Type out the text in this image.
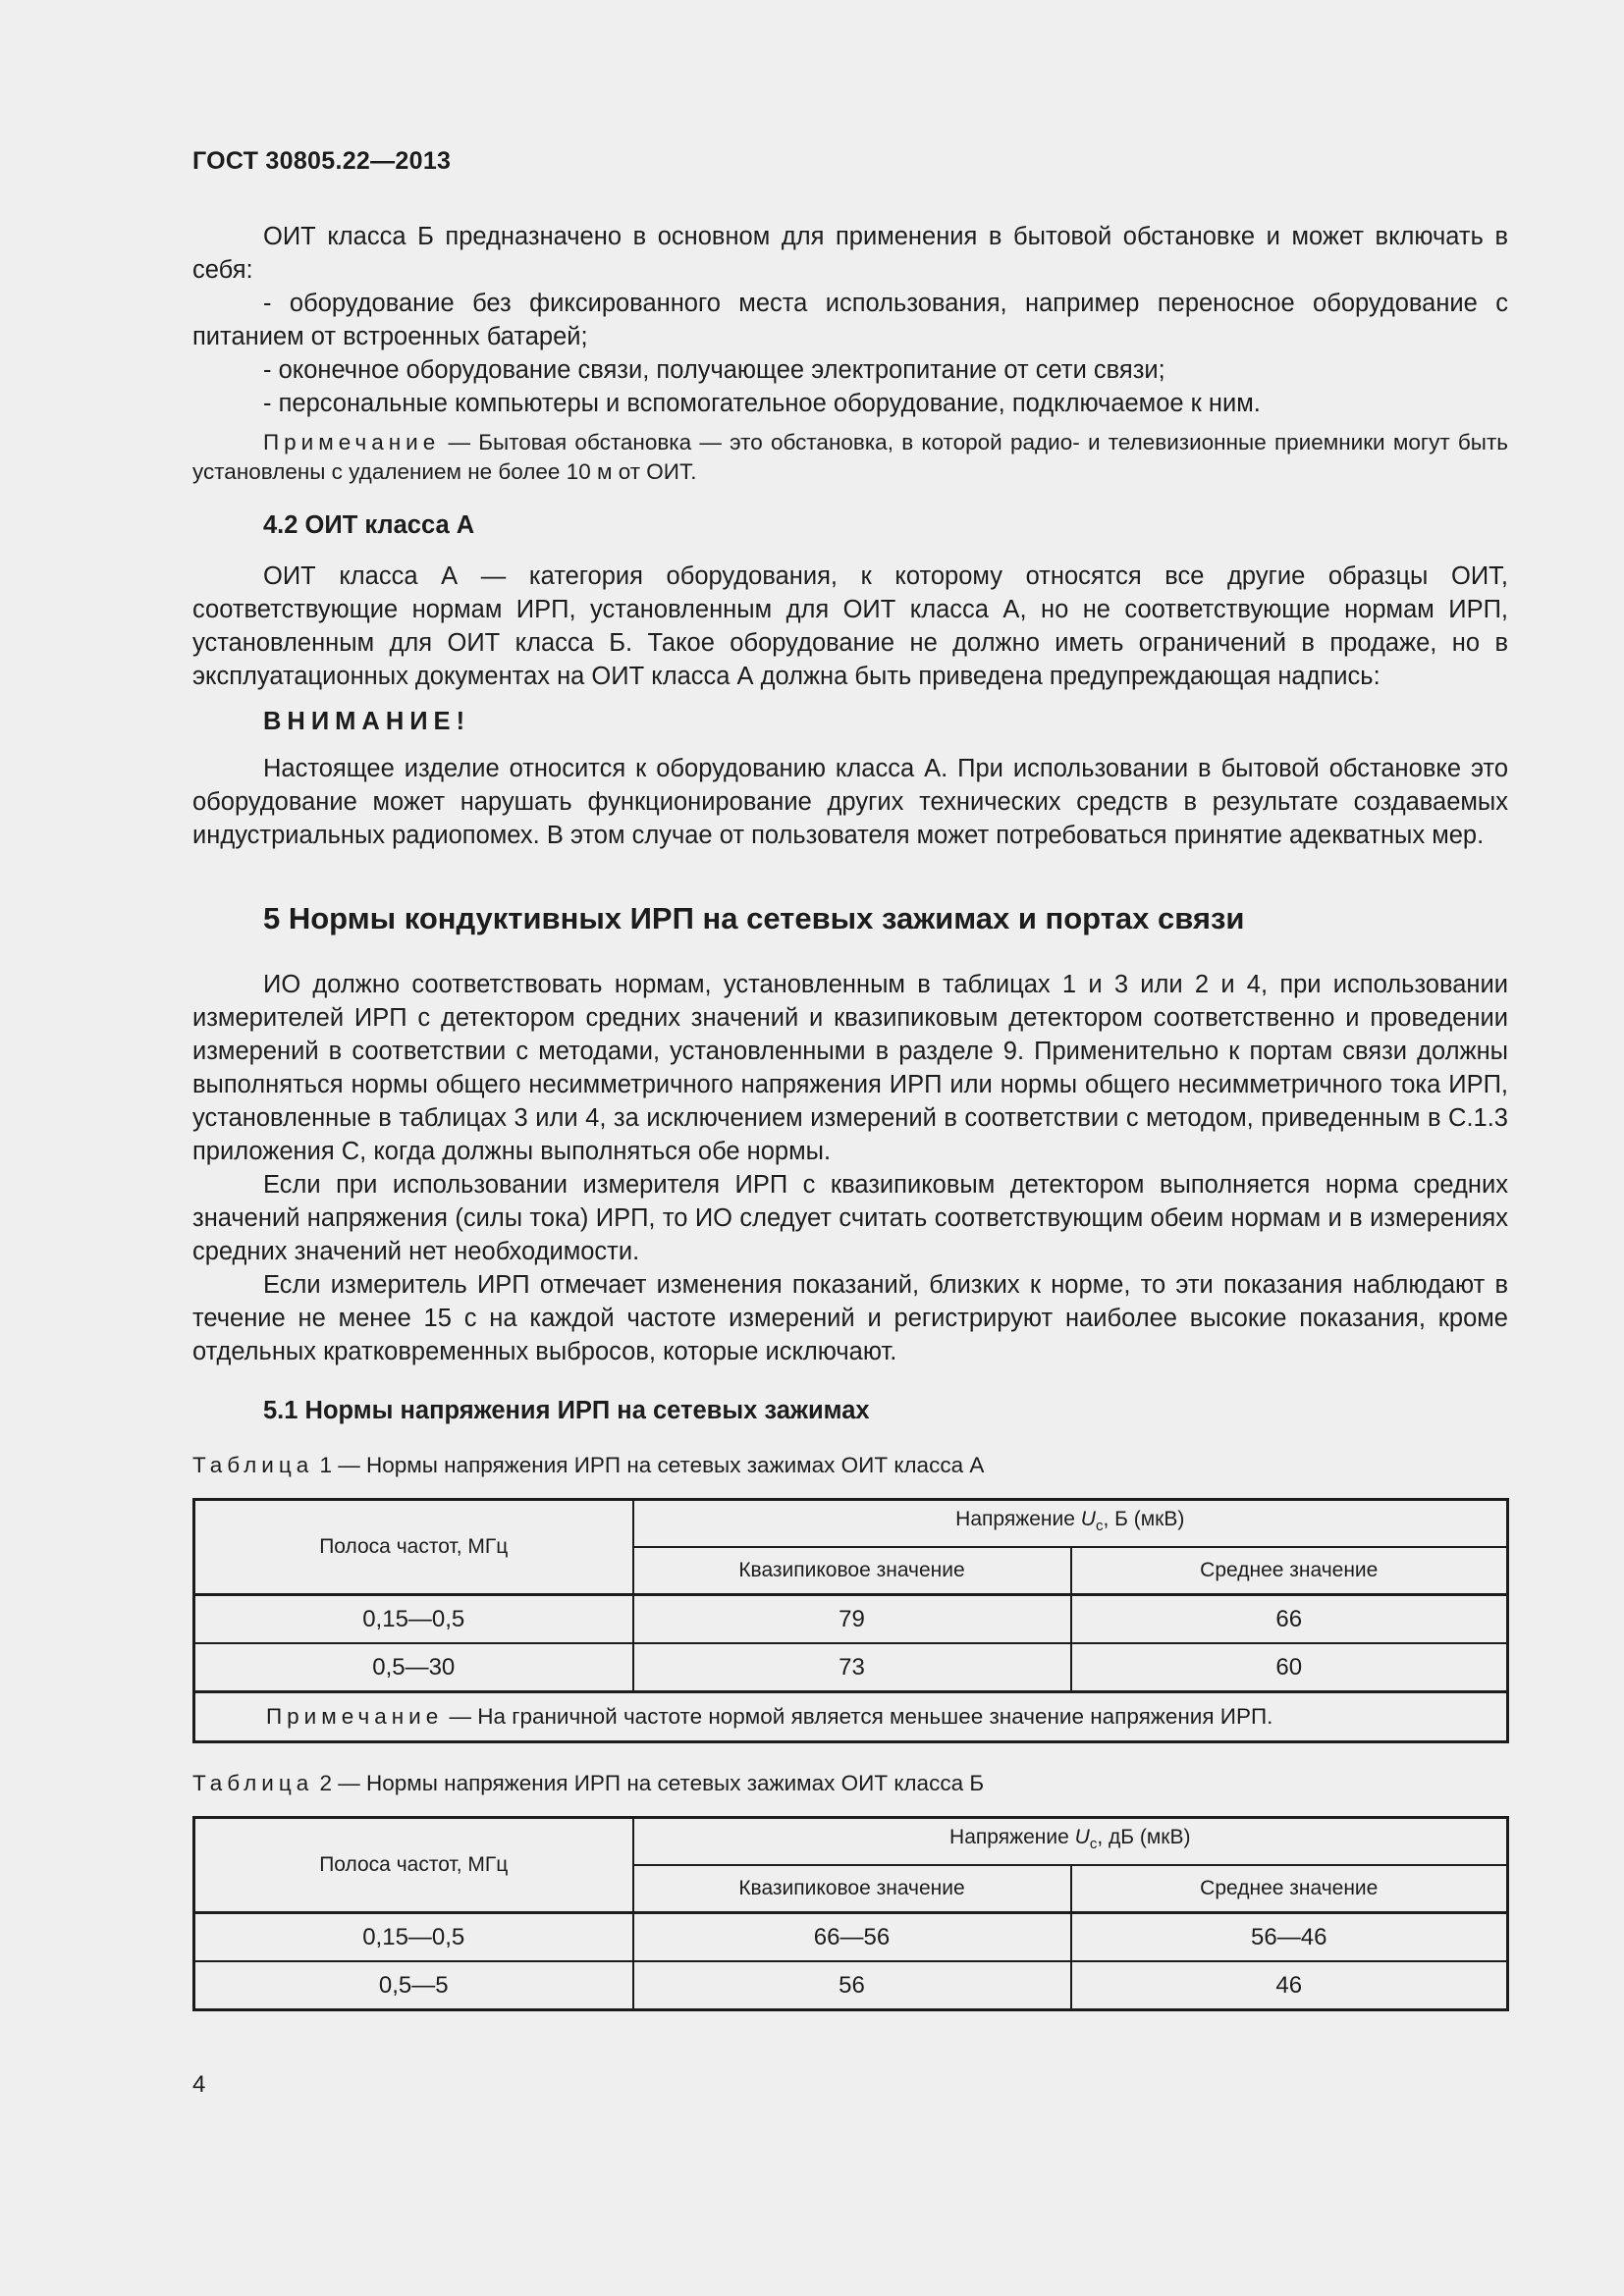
ГОСТ 30805.22—2013

ОИТ класса Б предназначено в основном для применения в бытовой обстановке и может включать в себя:

- оборудование без фиксированного места использования, например переносное оборудование с питанием от встроенных батарей;

- оконечное оборудование связи, получающее электропитание от сети связи;

- персональные компьютеры и вспомогательное оборудование, подключаемое к ним.

Примечание — Бытовая обстановка — это обстановка, в которой радио- и телевизионные приемники могут быть установлены с удалением не более 10 м от ОИТ.

4.2 ОИТ класса А

ОИТ класса А — категория оборудования, к которому относятся все другие образцы ОИТ, соответствующие нормам ИРП, установленным для ОИТ класса А, но не соответствующие нормам ИРП, установленным для ОИТ класса Б. Такое оборудование не должно иметь ограничений в продаже, но в эксплуатационных документах на ОИТ класса А должна быть приведена предупреждающая надпись:

ВНИМАНИЕ!

Настоящее изделие относится к оборудованию класса А. При использовании в бытовой обстановке это оборудование может нарушать функционирование других технических средств в результате создаваемых индустриальных радиопомех. В этом случае от пользователя может потребоваться принятие адекватных мер.

5 Нормы кондуктивных ИРП на сетевых зажимах и портах связи

ИО должно соответствовать нормам, установленным в таблицах 1 и 3 или 2 и 4, при использовании измерителей ИРП с детектором средних значений и квазипиковым детектором соответственно и проведении измерений в соответствии с методами, установленными в разделе 9. Применительно к портам связи должны выполняться нормы общего несимметричного напряжения ИРП или нормы общего несимметричного тока ИРП, установленные в таблицах 3 или 4, за исключением измерений в соответствии с методом, приведенным в С.1.3 приложения С, когда должны выполняться обе нормы.

Если при использовании измерителя ИРП с квазипиковым детектором выполняется норма средних значений напряжения (силы тока) ИРП, то ИО следует считать соответствующим обеим нормам и в измерениях средних значений нет необходимости.

Если измеритель ИРП отмечает изменения показаний, близких к норме, то эти показания наблюдают в течение не менее 15 с на каждой частоте измерений и регистрируют наиболее высокие показания, кроме отдельных кратковременных выбросов, которые исключают.

5.1 Нормы напряжения ИРП на сетевых зажимах

Таблица 1 — Нормы напряжения ИРП на сетевых зажимах ОИТ класса А

Полоса частот, МГц	Напряжение $U_с$, Б (мкВ)	
	Квазипиковое значение	Среднее значение
0,15—0,5	79	66
0,5—30	73	60
Примечание — На граничной частоте нормой является меньшее значение напряжения ИРП.		

Таблица 2 — Нормы напряжения ИРП на сетевых зажимах ОИТ класса Б

Полоса частот, МГц	Напряжение $U_с$, дБ (мкВ)	
	Квазипиковое значение	Среднее значение
0,15—0,5	66—56	56—46
0,5—5	56	46
4
